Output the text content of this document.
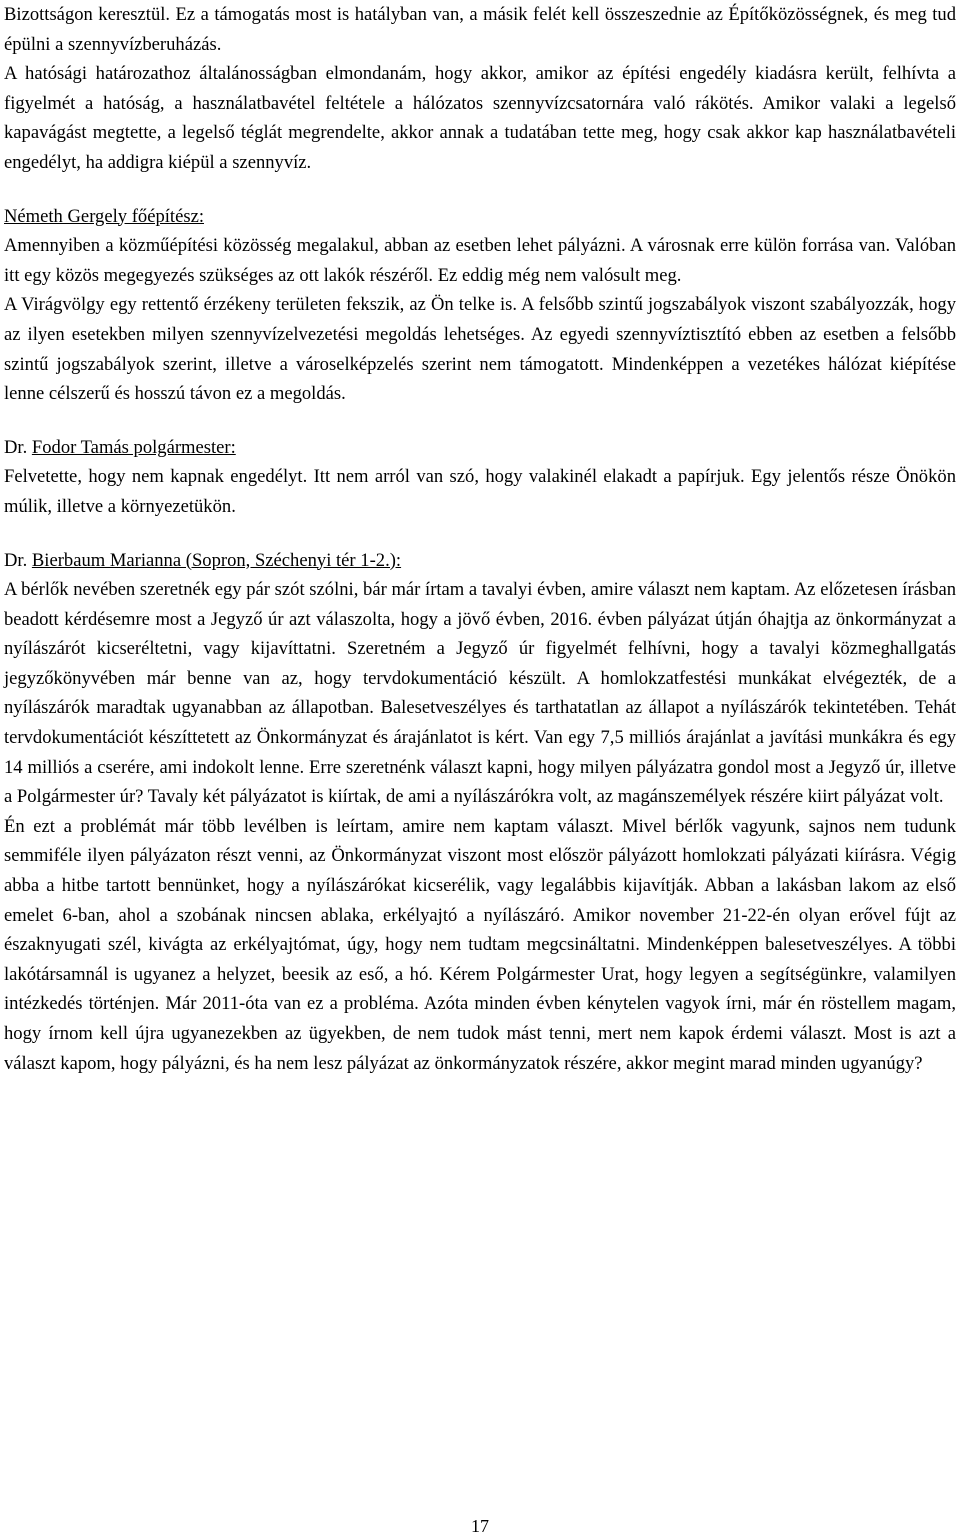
Bizottságon keresztül. Ez a támogatás most is hatályban van, a másik felét kell összeszednie az Építőközösségnek, és meg tud épülni a szennyvízberuházás.

A hatósági határozathoz általánosságban elmondanám, hogy akkor, amikor az építési engedély kiadásra került, felhívta a figyelmét a hatóság, a használatbavétel feltétele a hálózatos szennyvízcsatornára való rákötés. Amikor valaki a legelső kapavágást megtette, a legelső téglát megrendelte, akkor annak a tudatában tette meg, hogy csak akkor kap használatbavételi engedélyt, ha addigra kiépül a szennyvíz.

Németh Gergely főépítész:

Amennyiben a közműépítési közösség megalakul, abban az esetben lehet pályázni. A városnak erre külön forrása van. Valóban itt egy közös megegyezés szükséges az ott lakók részéről. Ez eddig még nem valósult meg.

A Virágvölgy egy rettentő érzékeny területen fekszik, az Ön telke is. A felsőbb szintű jogszabályok viszont szabályozzák, hogy az ilyen esetekben milyen szennyvízelvezetési megoldás lehetséges. Az egyedi szennyvíztisztító ebben az esetben a felsőbb szintű jogszabályok szerint, illetve a városelképzelés szerint nem támogatott. Mindenképpen a vezetékes hálózat kiépítése lenne célszerű és hosszú távon ez a megoldás.

Dr. Fodor Tamás polgármester:

Felvetette, hogy nem kapnak engedélyt. Itt nem arról van szó, hogy valakinél elakadt a papírjuk. Egy jelentős része Önökön múlik, illetve a környezetükön.

Dr. Bierbaum Marianna (Sopron, Széchenyi tér 1-2.):

A bérlők nevében szeretnék egy pár szót szólni, bár már írtam a tavalyi évben, amire választ nem kaptam. Az előzetesen írásban beadott kérdésemre most a Jegyző úr azt válaszolta, hogy a jövő évben, 2016. évben pályázat útján óhajtja az önkormányzat a nyílászárót kicseréltetni, vagy kijavíttatni. Szeretném a Jegyző úr figyelmét felhívni, hogy a tavalyi közmeghallgatás jegyzőkönyvében már benne van az, hogy tervdokumentáció készült. A homlokzatfestési munkákat elvégezték, de a nyílászárók maradtak ugyanabban az állapotban. Balesetveszélyes és tarthatatlan az állapot a nyílászárók tekintetében. Tehát tervdokumentációt készíttetett az Önkormányzat és árajánlatot is kért. Van egy 7,5 milliós árajánlat a javítási munkákra és egy 14 milliós a cserére, ami indokolt lenne. Erre szeretnénk választ kapni, hogy milyen pályázatra gondol most a Jegyző úr, illetve a Polgármester úr? Tavaly két pályázatot is kiírtak, de ami a nyílászárókra volt, az magánszemélyek részére kiirt pályázat volt.

Én ezt a problémát már több levélben is leírtam, amire nem kaptam választ. Mivel bérlők vagyunk, sajnos nem tudunk semmiféle ilyen pályázaton részt venni, az Önkormányzat viszont most először pályázott homlokzati pályázati kiírásra. Végig abba a hitbe tartott bennünket, hogy a nyílászárókat kicserélik, vagy legalábbis kijavítják. Abban a lakásban lakom az első emelet 6-ban, ahol a szobának nincsen ablaka, erkélyajtó a nyílászáró. Amikor november 21-22-én olyan erővel fújt az északnyugati szél, kivágta az erkélyajtómat, úgy, hogy nem tudtam megcsináltatni. Mindenképpen balesetveszélyes. A többi lakótársamnál is ugyanez a helyzet, beesik az eső, a hó. Kérem Polgármester Urat, hogy legyen a segítségünkre, valamilyen intézkedés történjen. Már 2011-óta van ez a probléma. Azóta minden évben kénytelen vagyok írni, már én röstellem magam, hogy írnom kell újra ugyanezekben az ügyekben, de nem tudok mást tenni, mert nem kapok érdemi választ. Most is azt a választ kapom, hogy pályázni, és ha nem lesz pályázat az önkormányzatok részére, akkor megint marad minden ugyanúgy?

17
